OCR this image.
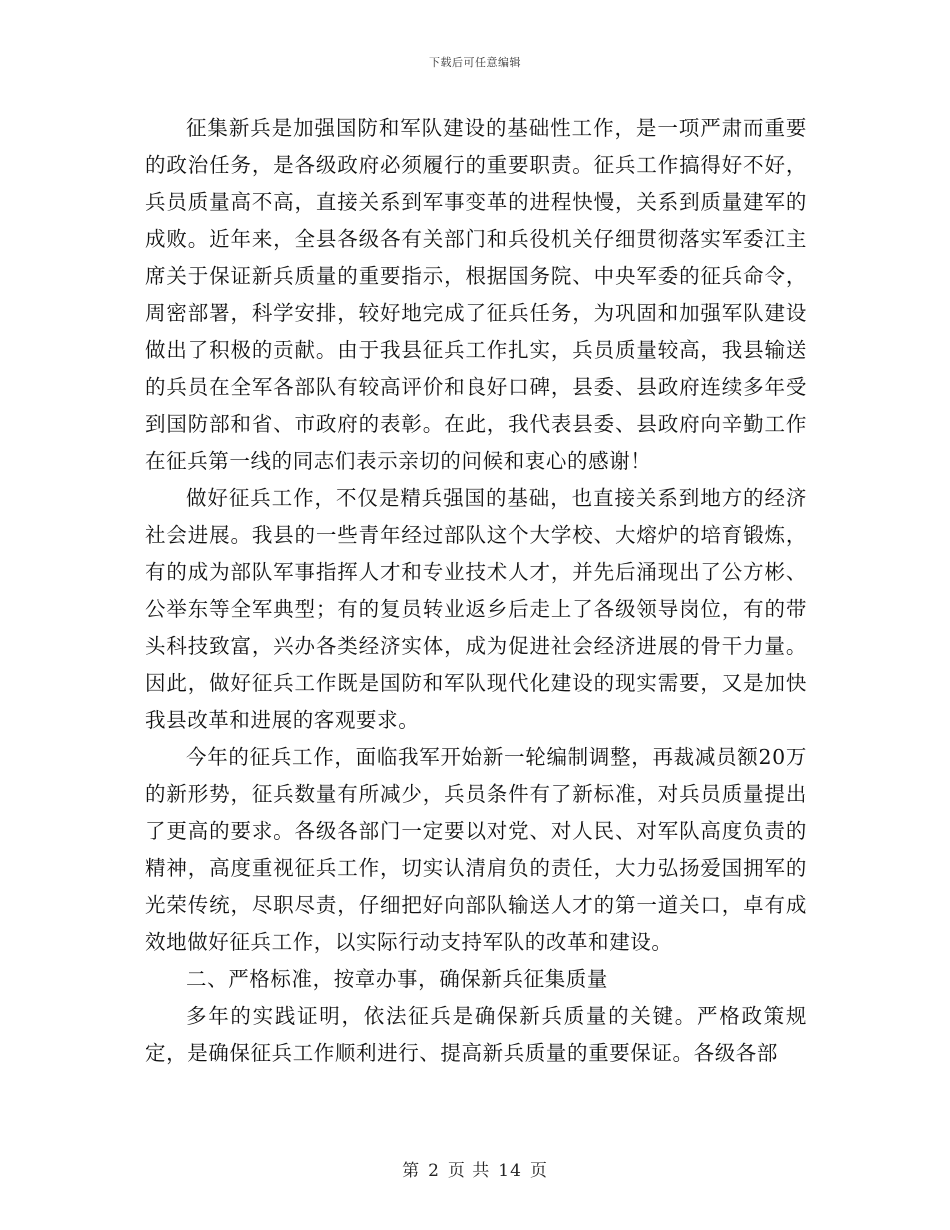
下载后可任意编辑

征集新兵是加强国防和军队建设的基础性工作，是一项严肃而重要的政治任务，是各级政府必须履行的重要职责。征兵工作搞得好不好，兵员质量高不高，直接关系到军事变革的进程快慢，关系到质量建军的成败。近年来，全县各级各有关部门和兵役机关仔细贯彻落实军委江主席关于保证新兵质量的重要指示，根据国务院、中央军委的征兵命令，周密部署，科学安排，较好地完成了征兵任务，为巩固和加强军队建设做出了积极的贡献。由于我县征兵工作扎实，兵员质量较高，我县输送的兵员在全军各部队有较高评价和良好口碑，县委、县政府连续多年受到国防部和省、市政府的表彰。在此，我代表县委、县政府向辛勤工作在征兵第一线的同志们表示亲切的问候和衷心的感谢！

做好征兵工作，不仅是精兵强国的基础，也直接关系到地方的经济社会进展。我县的一些青年经过部队这个大学校、大熔炉的培育锻炼，有的成为部队军事指挥人才和专业技术人才，并先后涌现出了公方彬、公举东等全军典型；有的复员转业返乡后走上了各级领导岗位，有的带头科技致富，兴办各类经济实体，成为促进社会经济进展的骨干力量。因此，做好征兵工作既是国防和军队现代化建设的现实需要，又是加快我县改革和进展的客观要求。

今年的征兵工作，面临我军开始新一轮编制调整，再裁减员额20万的新形势，征兵数量有所减少，兵员条件有了新标准，对兵员质量提出了更高的要求。各级各部门一定要以对党、对人民、对军队高度负责的精神，高度重视征兵工作，切实认清肩负的责任，大力弘扬爱国拥军的光荣传统，尽职尽责，仔细把好向部队输送人才的第一道关口，卓有成效地做好征兵工作，以实际行动支持军队的改革和建设。

二、严格标准，按章办事，确保新兵征集质量

多年的实践证明，依法征兵是确保新兵质量的关键。严格政策规定，是确保征兵工作顺利进行、提高新兵质量的重要保证。各级各部

第 2 页 共 14 页
